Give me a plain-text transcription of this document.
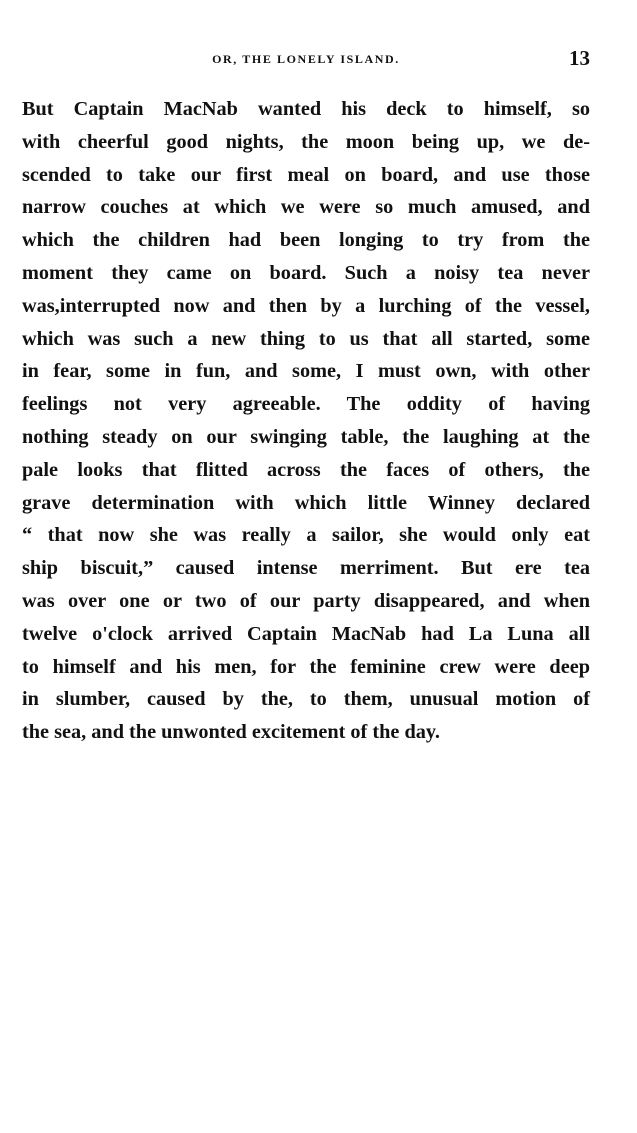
OR, THE LONELY ISLAND.	13
But Captain MacNab wanted his deck to himself, so
with cheerful good nights, the moon being up, we de-
scended to take our first meal on board, and use those
narrow couches at which we were so much amused, and
which the children had been longing to try from the
moment they came on board. Such a noisy tea never
was,interrupted now and then by a lurching of the vessel,
which was such a new thing to us that all started, some
in fear, some in fun, and some, I must own, with other
feelings not very agreeable. The oddity of having
nothing steady on our swinging table, the laughing at the
pale looks that flitted across the faces of others, the
grave determination with which little Winney declared
“ that now she was really a sailor, she would only eat
ship biscuit,” caused intense merriment. But ere tea
was over one or two of our party disappeared, and when
twelve o'clock arrived Captain MacNab had La Luna all
to himself and his men, for the feminine crew were deep
in slumber, caused by the, to them, unusual motion of
the sea, and the unwonted excitement of the day.
